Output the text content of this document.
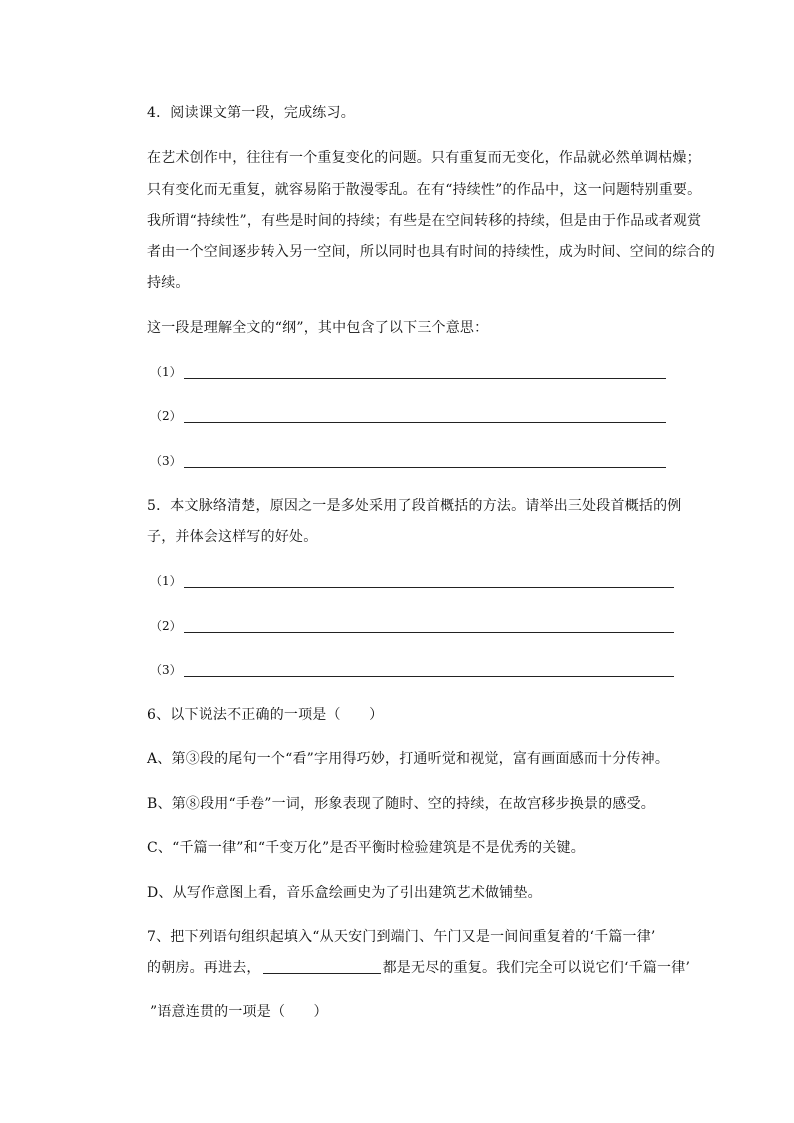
4．阅读课文第一段，完成练习。
在艺术创作中，往往有一个重复变化的问题。只有重复而无变化，作品就必然单调枯燥；
只有变化而无重复，就容易陷于散漫零乱。在有“持续性”的作品中，这一问题特别重要。
我所谓“持续性”，有些是时间的持续；有些是在空间转移的持续，但是由于作品或者观赏
者由一个空间逐步转入另一空间，所以同时也具有时间的持续性，成为时间、空间的综合的
持续。
这一段是理解全文的“纲”，其中包含了以下三个意思：
（1）
（2）
（3）
5．本文脉络清楚，原因之一是多处采用了段首概括的方法。请举出三处段首概括的例
子，并体会这样写的好处。
（1）
（2）
（3）
6、以下说法不正确的一项是（　　）
A、第③段的尾句一个“看”字用得巧妙，打通听觉和视觉，富有画面感而十分传神。
B、第⑧段用“手卷”一词，形象表现了随时、空的持续，在故宫移步换景的感受。
C、“千篇一律”和“千变万化”是否平衡时检验建筑是不是优秀的关键。
D、从写作意图上看，音乐盒绘画史为了引出建筑艺术做铺垫。
7、把下列语句组织起填入“从天安门到端门、午门又是一间间重复着的‘千篇一律’
的朝房。再进去，	都是无尽的重复。我们完全可以说它们‘千篇一律’
”语意连贯的一项是（　　）
